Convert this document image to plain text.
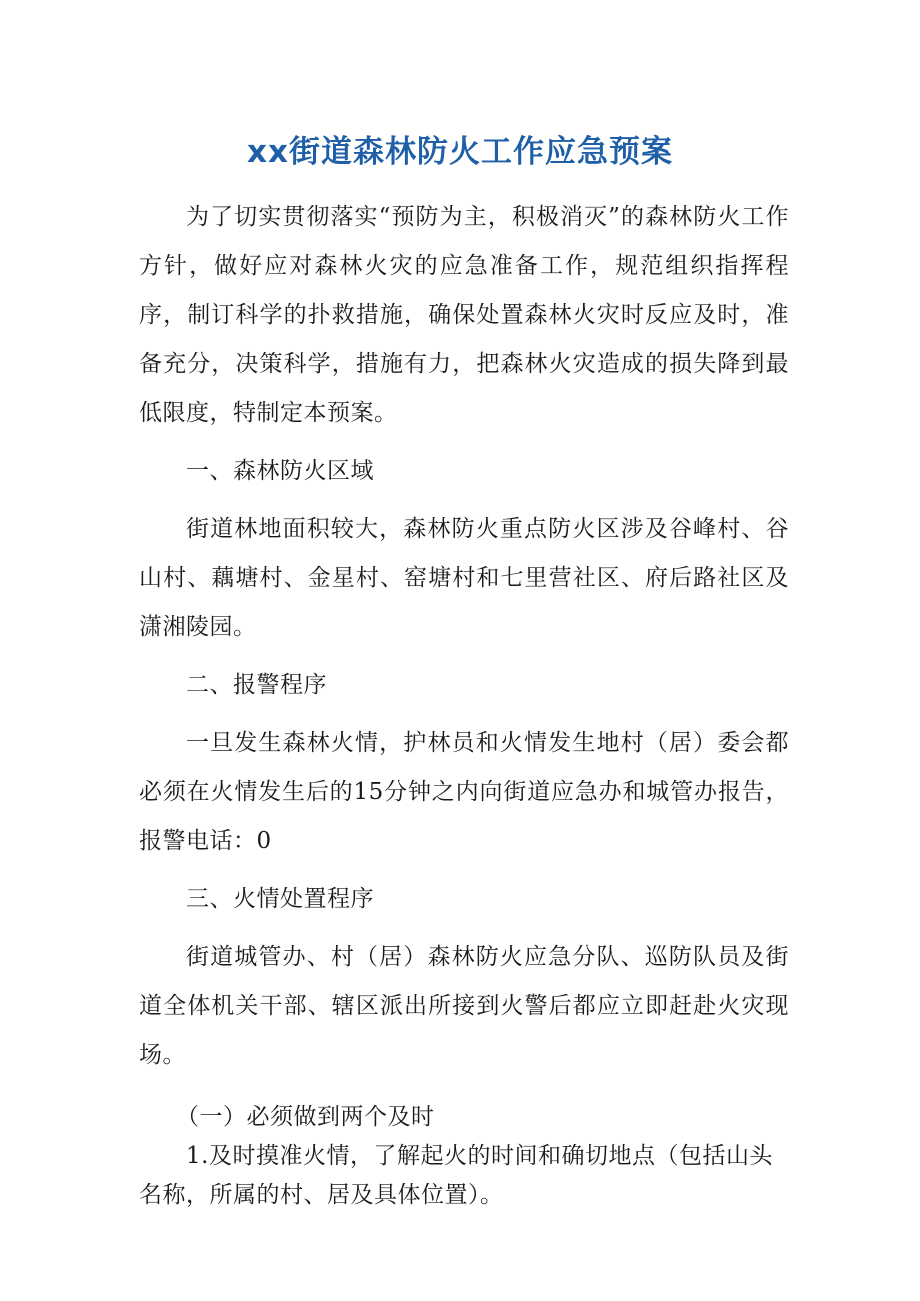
xx街道森林防火工作应急预案

为了切实贯彻落实“预防为主，积极消灭”的森林防火工作方针，做好应对森林火灾的应急准备工作，规范组织指挥程序，制订科学的扑救措施，确保处置森林火灾时反应及时，准备充分，决策科学，措施有力，把森林火灾造成的损失降到最低限度，特制定本预案。

一、森林防火区域

街道林地面积较大，森林防火重点防火区涉及谷峰村、谷山村、藕塘村、金星村、窑塘村和七里营社区、府后路社区及潇湘陵园。

二、报警程序

一旦发生森林火情，护林员和火情发生地村（居）委会都必须在火情发生后的15分钟之内向街道应急办和城管办报告，报警电话：0

三、火情处置程序

街道城管办、村（居）森林防火应急分队、巡防队员及街道全体机关干部、辖区派出所接到火警后都应立即赶赴火灾现场。

（一）必须做到两个及时

1.及时摸准火情，了解起火的时间和确切地点（包括山头名称，所属的村、居及具体位置）。
